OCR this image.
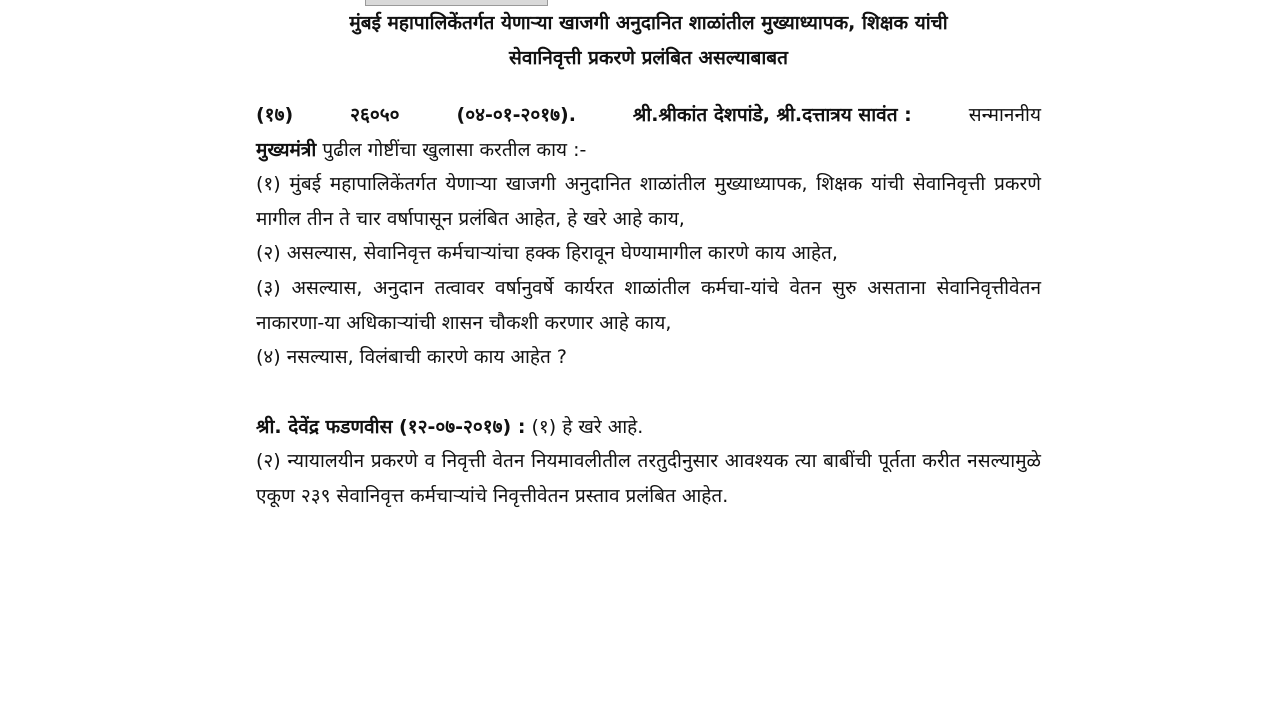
मुंबई महापालिकेंतर्गत येणाऱ्या खाजगी अनुदानित शाळांतील मुख्याध्यापक, शिक्षक यांची

सेवानिवृत्ती प्रकरणे प्रलंबित असल्याबाबत

(१७)	२६०५०	(०४-०१-२०१७).	श्री.श्रीकांत देशपांडे, श्री.दत्तात्रय सावंत :	सन्माननीय

मुख्यमंत्री पुढील गोष्टींचा खुलासा करतील काय :-

(१) मुंबई महापालिकेंतर्गत येणाऱ्या खाजगी अनुदानित शाळांतील मुख्याध्यापक, शिक्षक यांची सेवानिवृत्ती प्रकरणे मागील तीन ते चार वर्षापासून प्रलंबित आहेत, हे खरे आहे काय,

(२) असल्यास, सेवानिवृत्त कर्मचाऱ्यांचा हक्क हिरावून घेण्यामागील कारणे काय आहेत,

(३) असल्यास, अनुदान तत्वावर वर्षानुवर्षे कार्यरत शाळांतील कर्मचा-यांचे वेतन सुरु असताना सेवानिवृत्तीवेतन नाकारणा-या अधिकाऱ्यांची शासन चौकशी करणार आहे काय,

(४) नसल्यास, विलंबाची कारणे काय आहेत ?

श्री. देवेंद्र फडणवीस (१२-०७-२०१७) : (१) हे खरे आहे.

(२) न्यायालयीन प्रकरणे व निवृत्ती वेतन नियमावलीतील तरतुदीनुसार आवश्यक त्या बाबींची पूर्तता करीत नसल्यामुळे एकूण २३९ सेवानिवृत्त कर्मचाऱ्यांचे निवृत्तीवेतन प्रस्ताव प्रलंबित आहेत.
